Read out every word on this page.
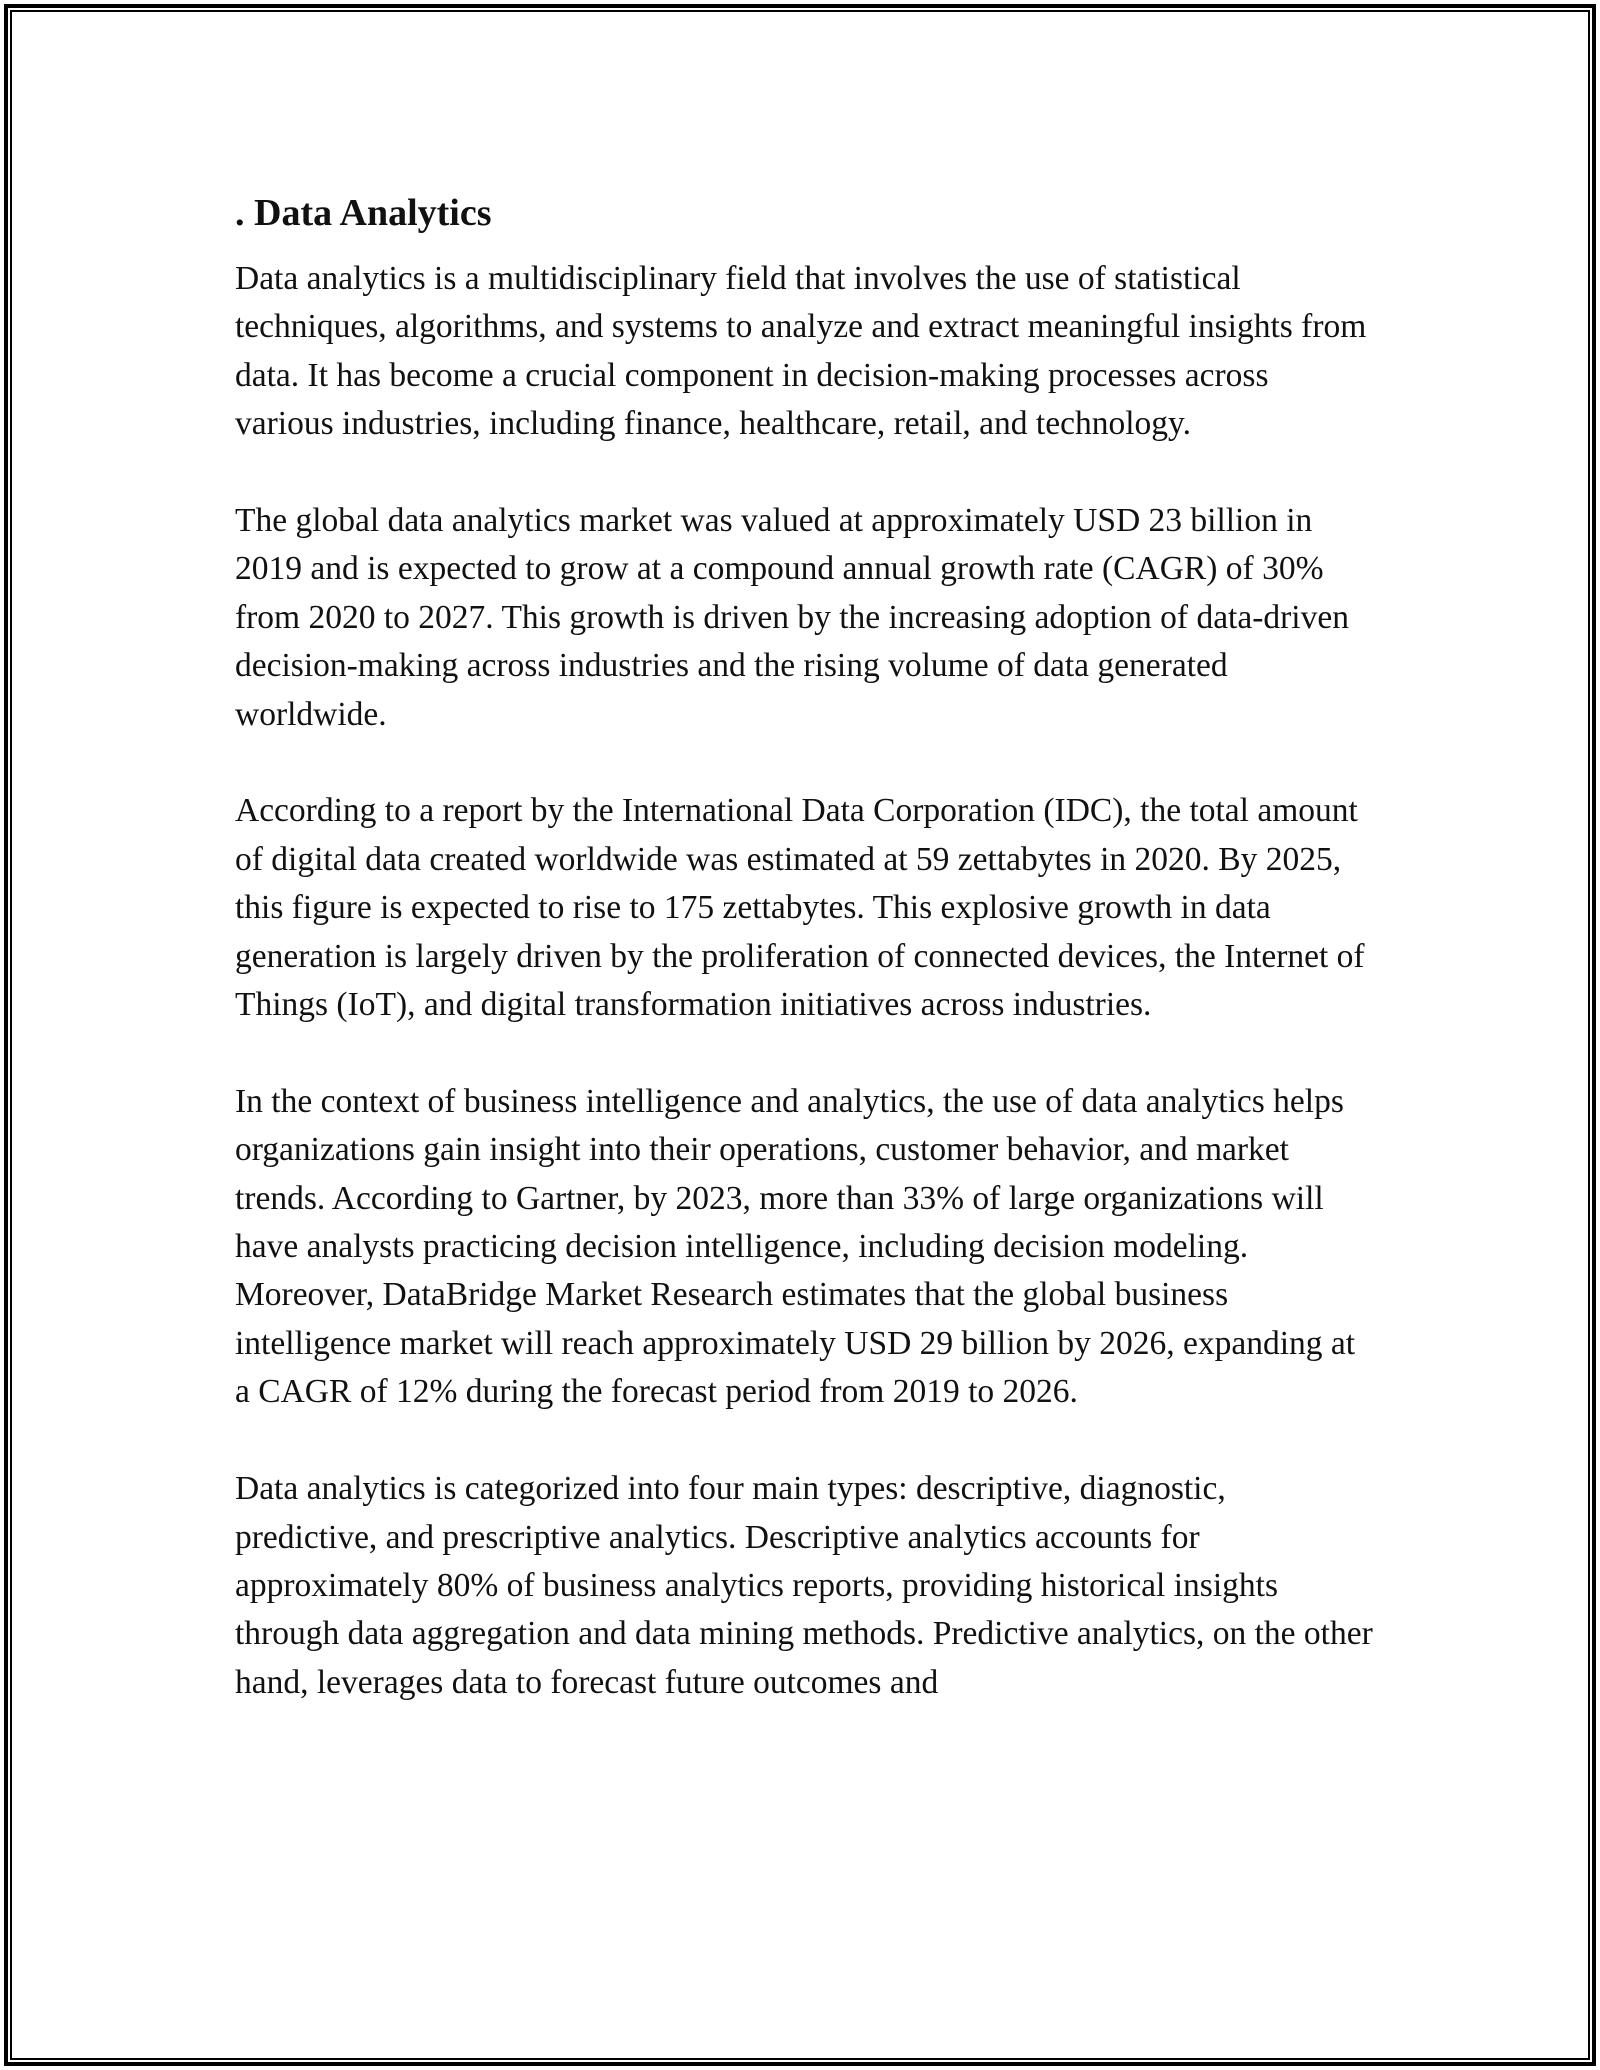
. Data Analytics

Data analytics is a multidisciplinary field that involves the use of statistical techniques, algorithms, and systems to analyze and extract meaningful insights from data. It has become a crucial component in decision-making processes across various industries, including finance, healthcare, retail, and technology.

The global data analytics market was valued at approximately USD 23 billion in 2019 and is expected to grow at a compound annual growth rate (CAGR) of 30% from 2020 to 2027. This growth is driven by the increasing adoption of data-driven decision-making across industries and the rising volume of data generated worldwide.

According to a report by the International Data Corporation (IDC), the total amount of digital data created worldwide was estimated at 59 zettabytes in 2020. By 2025, this figure is expected to rise to 175 zettabytes. This explosive growth in data generation is largely driven by the proliferation of connected devices, the Internet of Things (IoT), and digital transformation initiatives across industries.

In the context of business intelligence and analytics, the use of data analytics helps organizations gain insight into their operations, customer behavior, and market trends. According to Gartner, by 2023, more than 33% of large organizations will have analysts practicing decision intelligence, including decision modeling. Moreover, DataBridge Market Research estimates that the global business intelligence market will reach approximately USD 29 billion by 2026, expanding at a CAGR of 12% during the forecast period from 2019 to 2026.

Data analytics is categorized into four main types: descriptive, diagnostic, predictive, and prescriptive analytics. Descriptive analytics accounts for approximately 80% of business analytics reports, providing historical insights through data aggregation and data mining methods. Predictive analytics, on the other hand, leverages data to forecast future outcomes and
